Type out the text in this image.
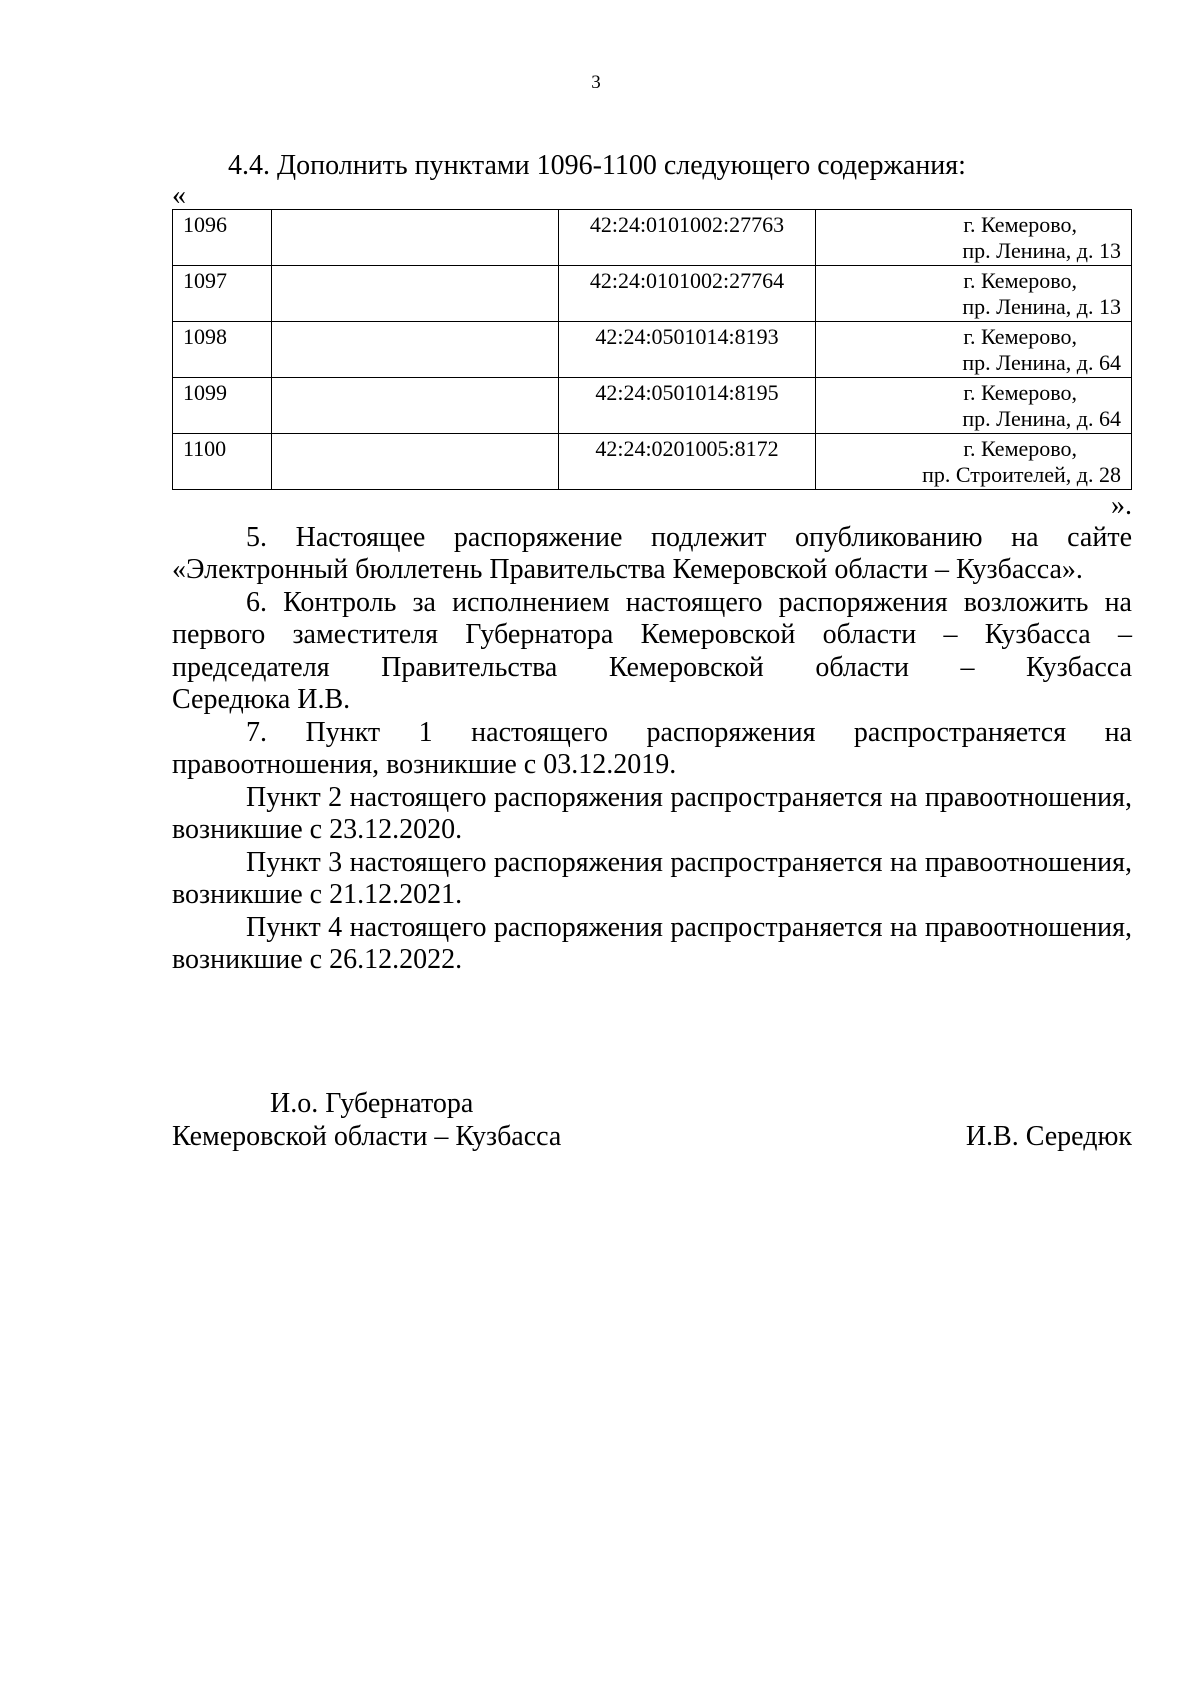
3

4.4. Дополнить пунктами 1096-1100 следующего содержания:

«

1096		42:24:0101002:27763	г. Кемерово,
пр. Ленина, д. 13

1097		42:24:0101002:27764	г. Кемерово,
пр. Ленина, д. 13

1098		42:24:0501014:8193	г. Кемерово,
пр. Ленина, д. 64

1099		42:24:0501014:8195	г. Кемерово,
пр. Ленина, д. 64

1100		42:24:0201005:8172	г. Кемерово,
пр. Строителей, д. 28

».

5. Настоящее распоряжение подлежит опубликованию на сайте «Электронный бюллетень Правительства Кемеровской области – Кузбасса».

6. Контроль за исполнением настоящего распоряжения возложить на первого заместителя Губернатора Кемеровской области – Кузбасса –

председателя Правительства Кемеровской области – Кузбасса

Середюка И.В.

7. Пункт 1 настоящего распоряжения распространяется на

правоотношения, возникшие с 03.12.2019.

Пункт 2 настоящего распоряжения распространяется на правоотношения, возникшие с 23.12.2020.

Пункт 3 настоящего распоряжения распространяется на правоотношения, возникшие с 21.12.2021.

Пункт 4 настоящего распоряжения распространяется на правоотношения, возникшие с 26.12.2022.

И.о. Губернатора
Кемеровской области – Кузбасса	И.В. Середюк
